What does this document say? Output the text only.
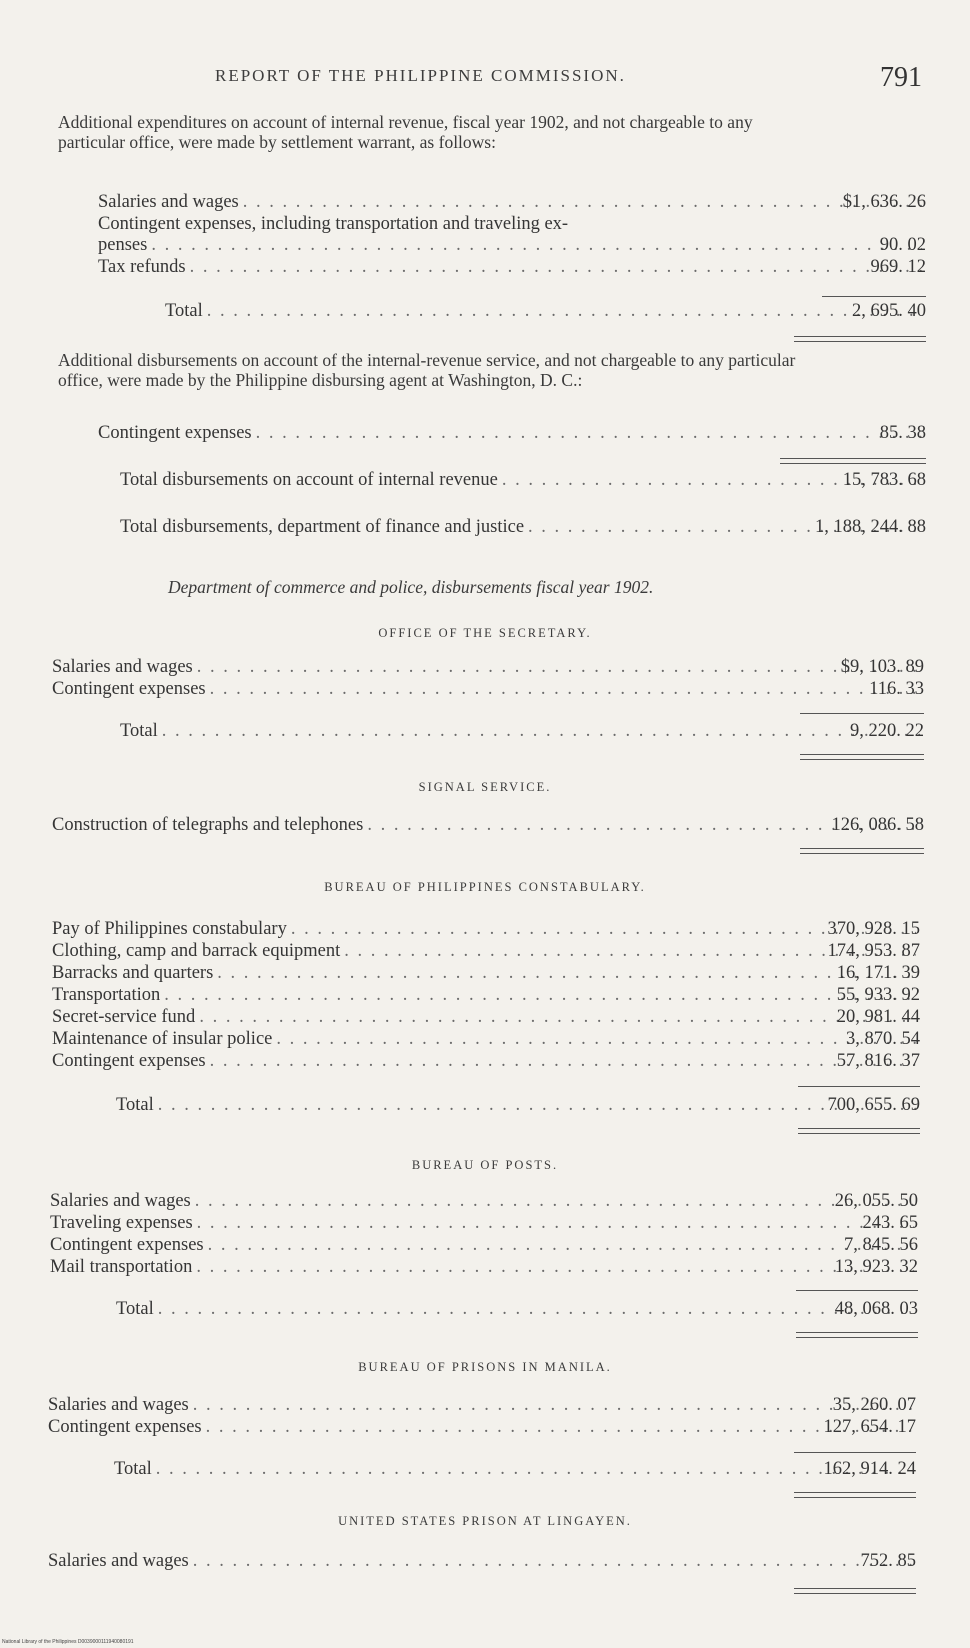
REPORT OF THE PHILIPPINE COMMISSION.	791
Additional expenditures on account of internal revenue, fiscal year 1902, and not chargeable to any particular office, were made by settlement warrant, as follows:
Salaries and wages . . .	$1, 636. 26
Contingent expenses, including transportation and traveling ex-
penses . . .	90. 02
Tax refunds . . .	969. 12
Total . . .	2, 695. 40
Additional disbursements on account of the internal-revenue service, and not chargeable to any particular office, were made by the Philippine disbursing agent at Washington, D. C.:
Contingent expenses . . .	85. 38
Total disbursements on account of internal revenue . . .	15, 783. 68
Total disbursements, department of finance and justice . . .	1, 188, 244. 88
Department of commerce and police, disbursements fiscal year 1902.
OFFICE OF THE SECRETARY.
Salaries and wages . . .	$9, 103. 89
Contingent expenses . . .	116. 33
Total . . .	9, 220. 22
SIGNAL SERVICE.
Construction of telegraphs and telephones . . .	126, 086. 58
BUREAU OF PHILIPPINES CONSTABULARY.
Pay of Philippines constabulary . . .	370, 928. 15
Clothing, camp and barrack equipment . . .	174, 953. 87
Barracks and quarters . . .	16, 171. 39
Transportation . . .	55, 933. 92
Secret-service fund . . .	20, 981. 44
Maintenance of insular police . . .	3, 870. 54
Contingent expenses . . .	57, 816. 37
Total . . .	700, 655. 69
BUREAU OF POSTS.
Salaries and wages . . .	26, 055. 50
Traveling expenses . . .	243. 65
Contingent expenses . . .	7, 845. 56
Mail transportation . . .	13, 923. 32
Total . . .	48, 068. 03
BUREAU OF PRISONS IN MANILA.
Salaries and wages . . .	35, 260. 07
Contingent expenses . . .	127, 654. 17
Total . . .	162, 914. 24
UNITED STATES PRISON AT LINGAYEN.
Salaries and wages . . .	752. 85
National Library of the Philippines D0039000111940080191
